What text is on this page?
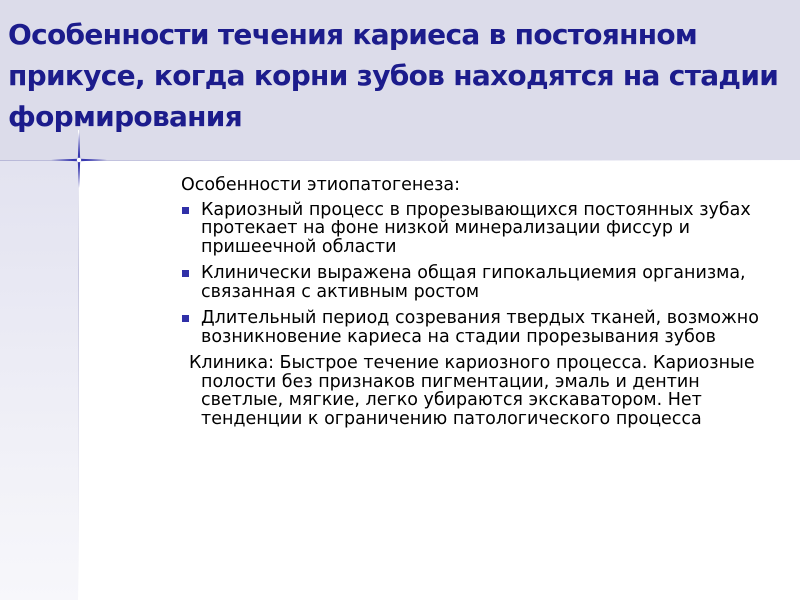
Особенности течения кариеса в постоянном прикусе, когда корни зубов находятся на стадии формирования

Особенности этиопатогенеза:

Кариозный процесс в прорезывающихся постоянных зубах протекает на фоне низкой минерализации фиссур и пришеечной области
Клинически выражена общая гипокальциемия организма, связанная с активным ростом
Длительный период созревания твердых тканей, возможно возникновение кариеса на стадии прорезывания зубов

Клиника: Быстрое течение кариозного процесса. Кариозные полости без признаков пигментации, эмаль и дентин светлые, мягкие, легко убираются экскаватором. Нет тенденции к ограничению патологического процесса
